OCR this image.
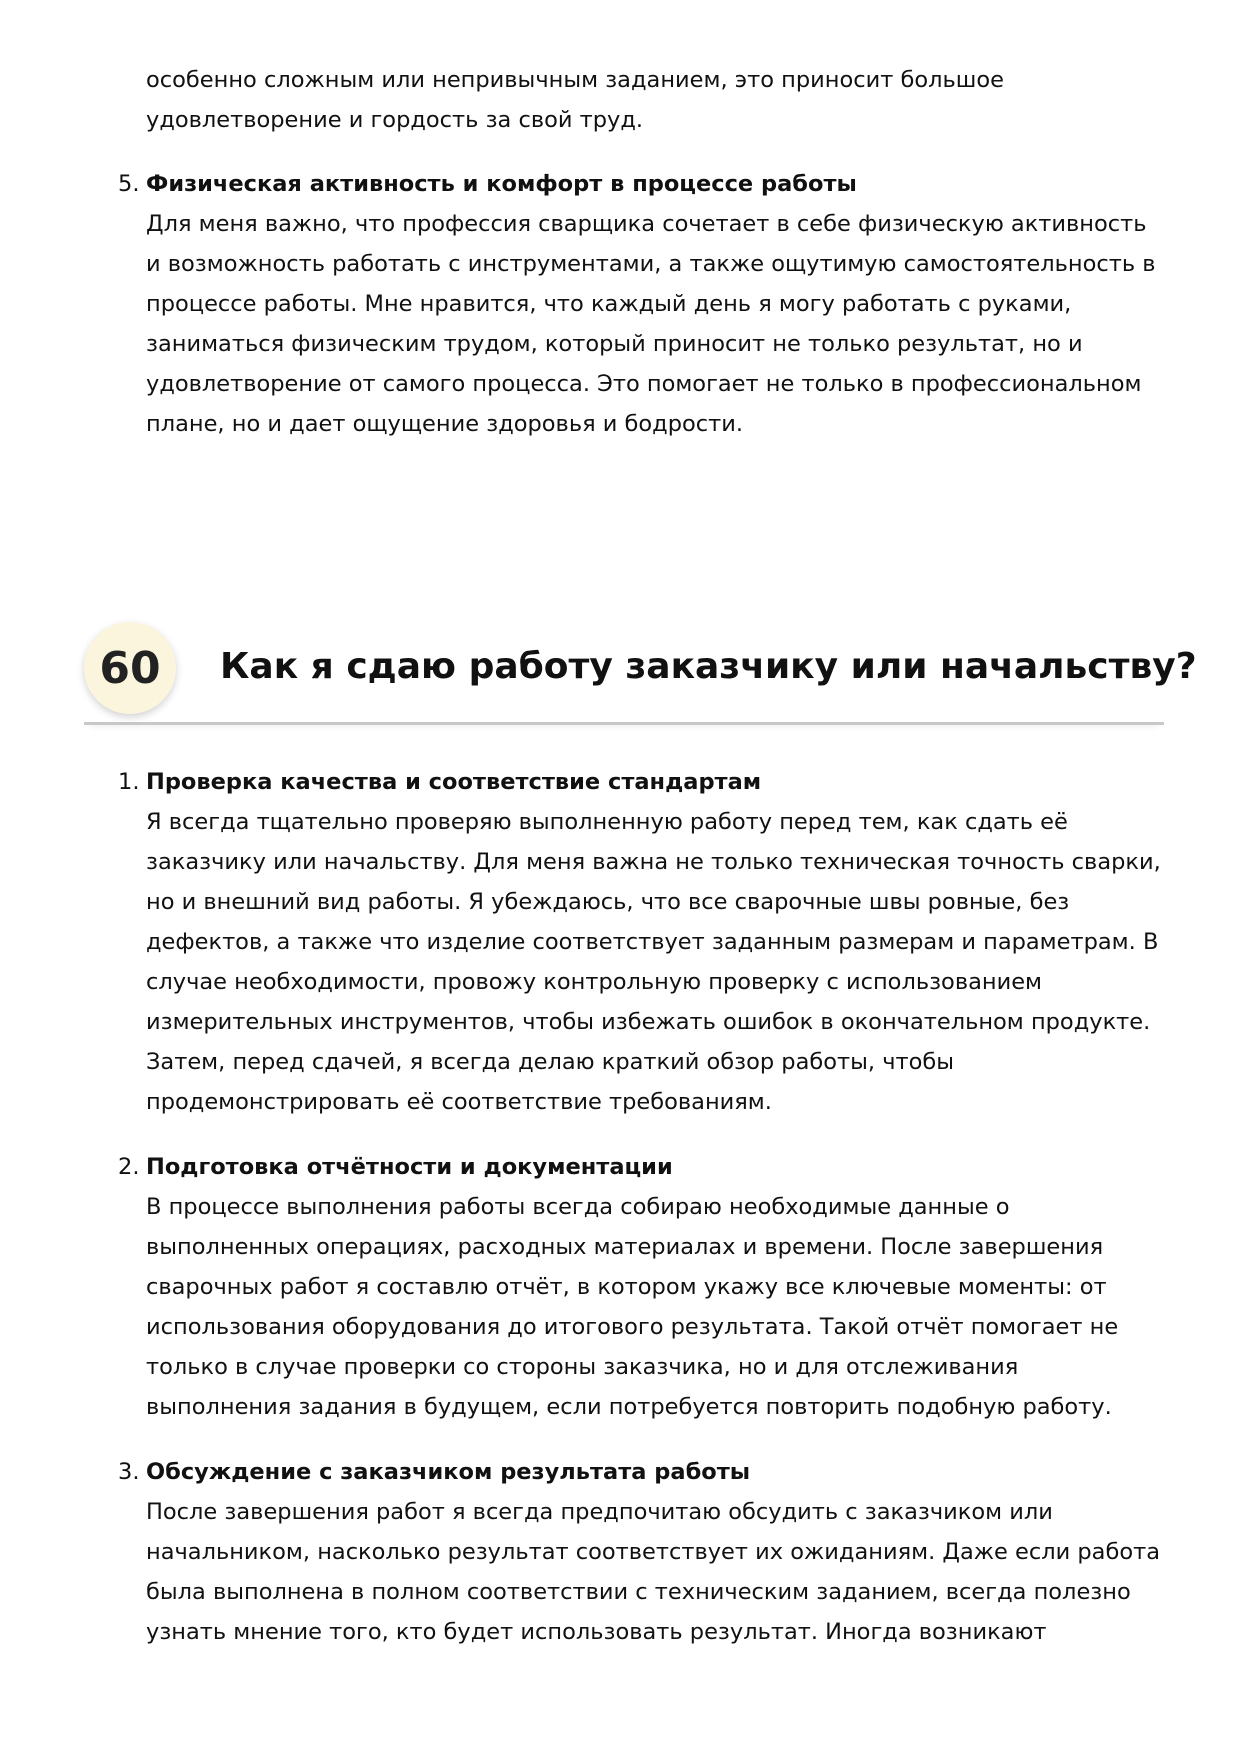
особенно сложным или непривычным заданием, это приносит большое удовлетворение и гордость за свой труд.

5. Физическая активность и комфорт в процессе работы

Для меня важно, что профессия сварщика сочетает в себе физическую активность и возможность работать с инструментами, а также ощутимую самостоятельность в процессе работы. Мне нравится, что каждый день я могу работать с руками, заниматься физическим трудом, который приносит не только результат, но и удовлетворение от самого процесса. Это помогает не только в профессиональном плане, но и дает ощущение здоровья и бодрости.

60	Как я сдаю работу заказчику или начальству?

1. Проверка качества и соответствие стандартам

Я всегда тщательно проверяю выполненную работу перед тем, как сдать её заказчику или начальству. Для меня важна не только техническая точность сварки, но и внешний вид работы. Я убеждаюсь, что все сварочные швы ровные, без дефектов, а также что изделие соответствует заданным размерам и параметрам. В случае необходимости, провожу контрольную проверку с использованием измерительных инструментов, чтобы избежать ошибок в окончательном продукте. Затем, перед сдачей, я всегда делаю краткий обзор работы, чтобы продемонстрировать её соответствие требованиям.

2. Подготовка отчётности и документации

В процессе выполнения работы всегда собираю необходимые данные о выполненных операциях, расходных материалах и времени. После завершения сварочных работ я составлю отчёт, в котором укажу все ключевые моменты: от использования оборудования до итогового результата. Такой отчёт помогает не только в случае проверки со стороны заказчика, но и для отслеживания выполнения задания в будущем, если потребуется повторить подобную работу.

3. Обсуждение с заказчиком результата работы

После завершения работ я всегда предпочитаю обсудить с заказчиком или начальником, насколько результат соответствует их ожиданиям. Даже если работа была выполнена в полном соответствии с техническим заданием, всегда полезно узнать мнение того, кто будет использовать результат. Иногда возникают
